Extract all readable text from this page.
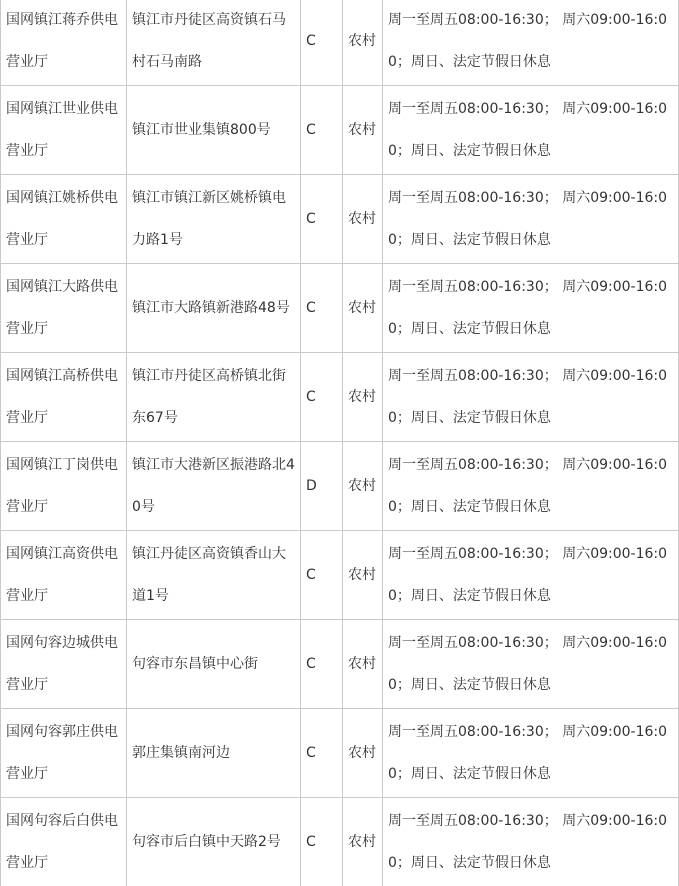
国网镇江蒋乔供电营业厅	镇江市丹徒区高资镇石马村石马南路	C	农村	周一至周五08:00-16:30； 周六09:00-16:00；周日、法定节假日休息

国网镇江世业供电营业厅	镇江市世业集镇800号	C	农村	周一至周五08:00-16:30； 周六09:00-16:00；周日、法定节假日休息

国网镇江姚桥供电营业厅	镇江市镇江新区姚桥镇电力路1号	C	农村	周一至周五08:00-16:30； 周六09:00-16:00；周日、法定节假日休息

国网镇江大路供电营业厅	镇江市大路镇新港路48号	C	农村	周一至周五08:00-16:30； 周六09:00-16:00；周日、法定节假日休息

国网镇江高桥供电营业厅	镇江市丹徒区高桥镇北街东67号	C	农村	周一至周五08:00-16:30； 周六09:00-16:00；周日、法定节假日休息

国网镇江丁岗供电营业厅	镇江市大港新区振港路北40号	D	农村	周一至周五08:00-16:30； 周六09:00-16:00；周日、法定节假日休息

国网镇江高资供电营业厅	镇江丹徒区高资镇香山大道1号	C	农村	周一至周五08:00-16:30； 周六09:00-16:00；周日、法定节假日休息

国网句容边城供电营业厅	句容市东昌镇中心街	C	农村	周一至周五08:00-16:30； 周六09:00-16:00；周日、法定节假日休息

国网句容郭庄供电营业厅	郭庄集镇南河边	C	农村	周一至周五08:00-16:30； 周六09:00-16:00；周日、法定节假日休息

国网句容后白供电营业厅	句容市后白镇中天路2号	C	农村	周一至周五08:00-16:30； 周六09:00-16:00；周日、法定节假日休息
